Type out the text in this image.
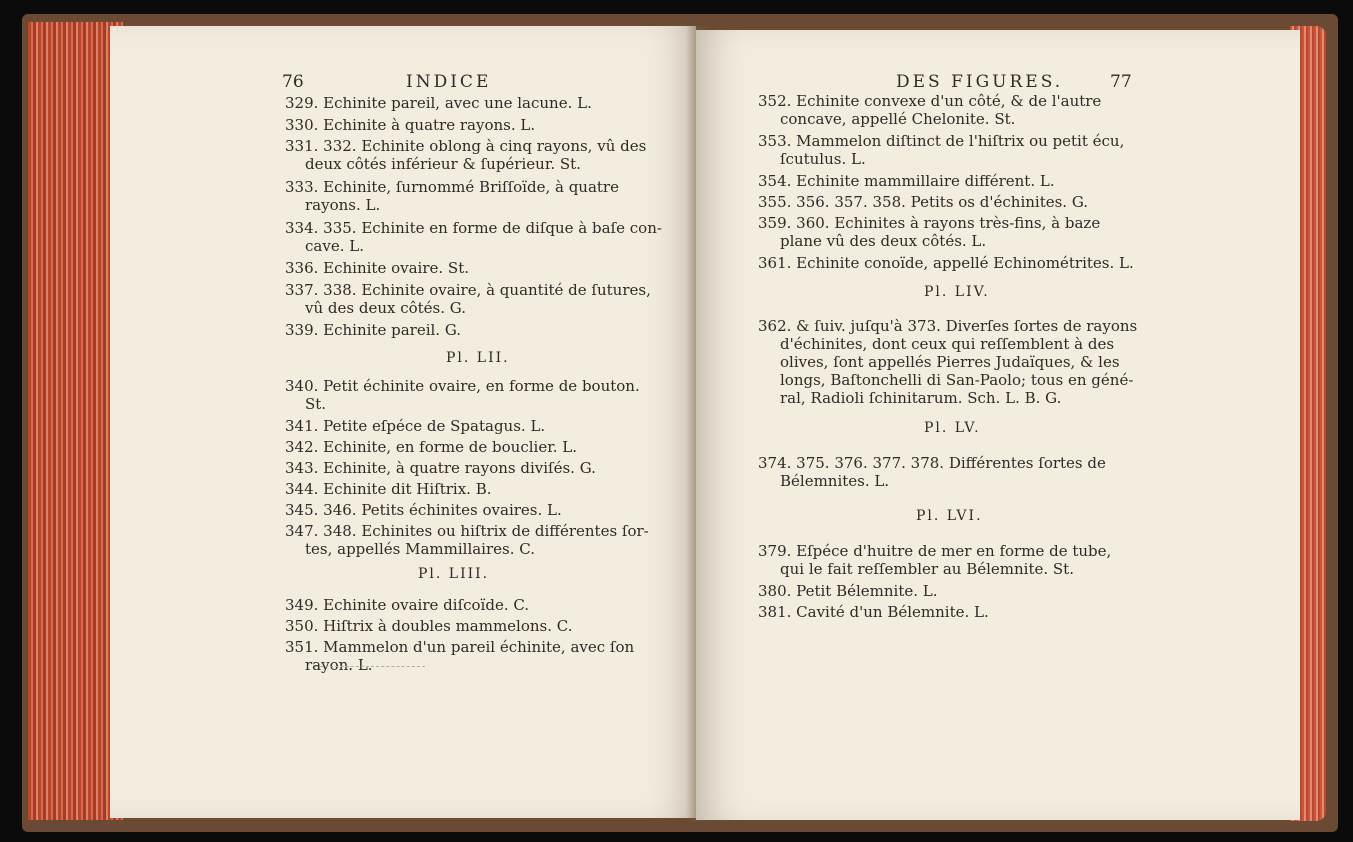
76	INDICE
329. Echinite pareil, avec une lacune. L.
330. Echinite à quatre rayons. L.
331. 332. Echinite oblong à cinq rayons, vû des
deux côtés inférieur & ſupérieur. St.
333. Echinite, ſurnommé Briſſoïde, à quatre
rayons. L.
334. 335. Echinite en forme de diſque à baſe con-
cave. L.
336. Echinite ovaire. St.
337. 338. Echinite ovaire, à quantité de ſutures,
vû des deux côtés. G.
339. Echinite pareil. G.
Pl. LII.
340. Petit échinite ovaire, en forme de bouton.
St.
341. Petite eſpéce de Spatagus. L.
342. Echinite, en forme de bouclier. L.
343. Echinite, à quatre rayons diviſés. G.
344. Echinite dit Hiſtrix. B.
345. 346. Petits échinites ovaires. L.
347. 348. Echinites ou hiſtrix de différentes ſor-
tes, appellés Mammillaires. C.
Pl. LIII.
349. Echinite ovaire diſcoïde. C.
350. Hiſtrix à doubles mammelons. C.
351. Mammelon d'un pareil échinite, avec ſon
rayon. L.
DES FIGURES.	77
352. Echinite convexe d'un côté, & de l'autre
concave, appellé Chelonite. St.
353. Mammelon diſtinct de l'hiſtrix ou petit écu,
ſcutulus. L.
354. Echinite mammillaire différent. L.
355. 356. 357. 358. Petits os d'échinites. G.
359. 360. Echinites à rayons très-fins, à baze
plane vû des deux côtés. L.
361. Echinite conoïde, appellé Echinométrites. L.
Pl. LIV.
362. & ſuiv. juſqu'à 373. Diverſes ſortes de rayons
d'échinites, dont ceux qui reſſemblent à des
olives, ſont appellés Pierres Judaïques, & les
longs, Baſtonchelli di San-Paolo; tous en géné-
ral, Radioli ſchinitarum. Sch. L. B. G.
Pl. LV.
374. 375. 376. 377. 378. Différentes ſortes de
Bélemnites. L.
Pl. LVI.
379. Eſpéce d'huitre de mer en forme de tube,
qui le fait reſſembler au Bélemnite. St.
380. Petit Bélemnite. L.
381. Cavité d'un Bélemnite. L.
